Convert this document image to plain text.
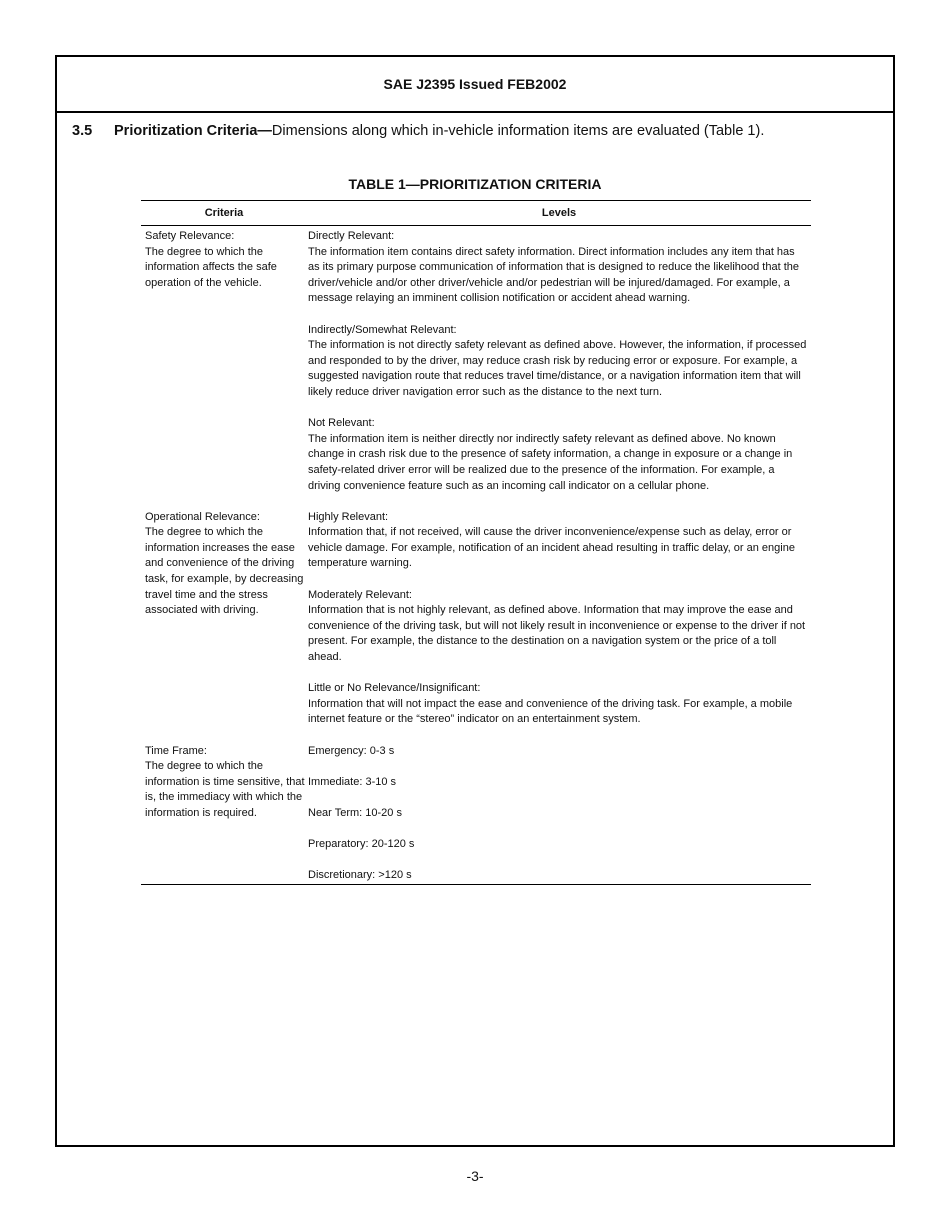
SAE J2395 Issued FEB2002
3.5 Prioritization Criteria—Dimensions along which in-vehicle information items are evaluated (Table 1).
TABLE 1—PRIORITIZATION CRITERIA
Criteria	Levels
Safety Relevance:
The degree to which the information affects the safe operation of the vehicle.
Directly Relevant:
The information item contains direct safety information. Direct information includes any item that has as its primary purpose communication of information that is designed to reduce the likelihood that the driver/vehicle and/or other driver/vehicle and/or pedestrian will be injured/damaged. For example, a message relaying an imminent collision notification or accident ahead warning.
Indirectly/Somewhat Relevant:
The information is not directly safety relevant as defined above. However, the information, if processed and responded to by the driver, may reduce crash risk by reducing error or exposure. For example, a suggested navigation route that reduces travel time/distance, or a navigation information item that will likely reduce driver navigation error such as the distance to the next turn.
Not Relevant:
The information item is neither directly nor indirectly safety relevant as defined above. No known change in crash risk due to the presence of safety information, a change in exposure or a change in safety-related driver error will be realized due to the presence of the information. For example, a driving convenience feature such as an incoming call indicator on a cellular phone.
Operational Relevance:
The degree to which the information increases the ease and convenience of the driving task, for example, by decreasing travel time and the stress associated with driving.
Highly Relevant:
Information that, if not received, will cause the driver inconvenience/expense such as delay, error or vehicle damage. For example, notification of an incident ahead resulting in traffic delay, or an engine temperature warning.
Moderately Relevant:
Information that is not highly relevant, as defined above. Information that may improve the ease and convenience of the driving task, but will not likely result in inconvenience or expense to the driver if not present. For example, the distance to the destination on a navigation system or the price of a toll ahead.
Little or No Relevance/Insignificant:
Information that will not impact the ease and convenience of the driving task. For example, a mobile internet feature or the “stereo” indicator on an entertainment system.
Time Frame:
The degree to which the information is time sensitive, that is, the immediacy with which the information is required.
Emergency: 0-3 s
Immediate: 3-10 s
Near Term: 10-20 s
Preparatory: 20-120 s
Discretionary: >120 s
-3-
